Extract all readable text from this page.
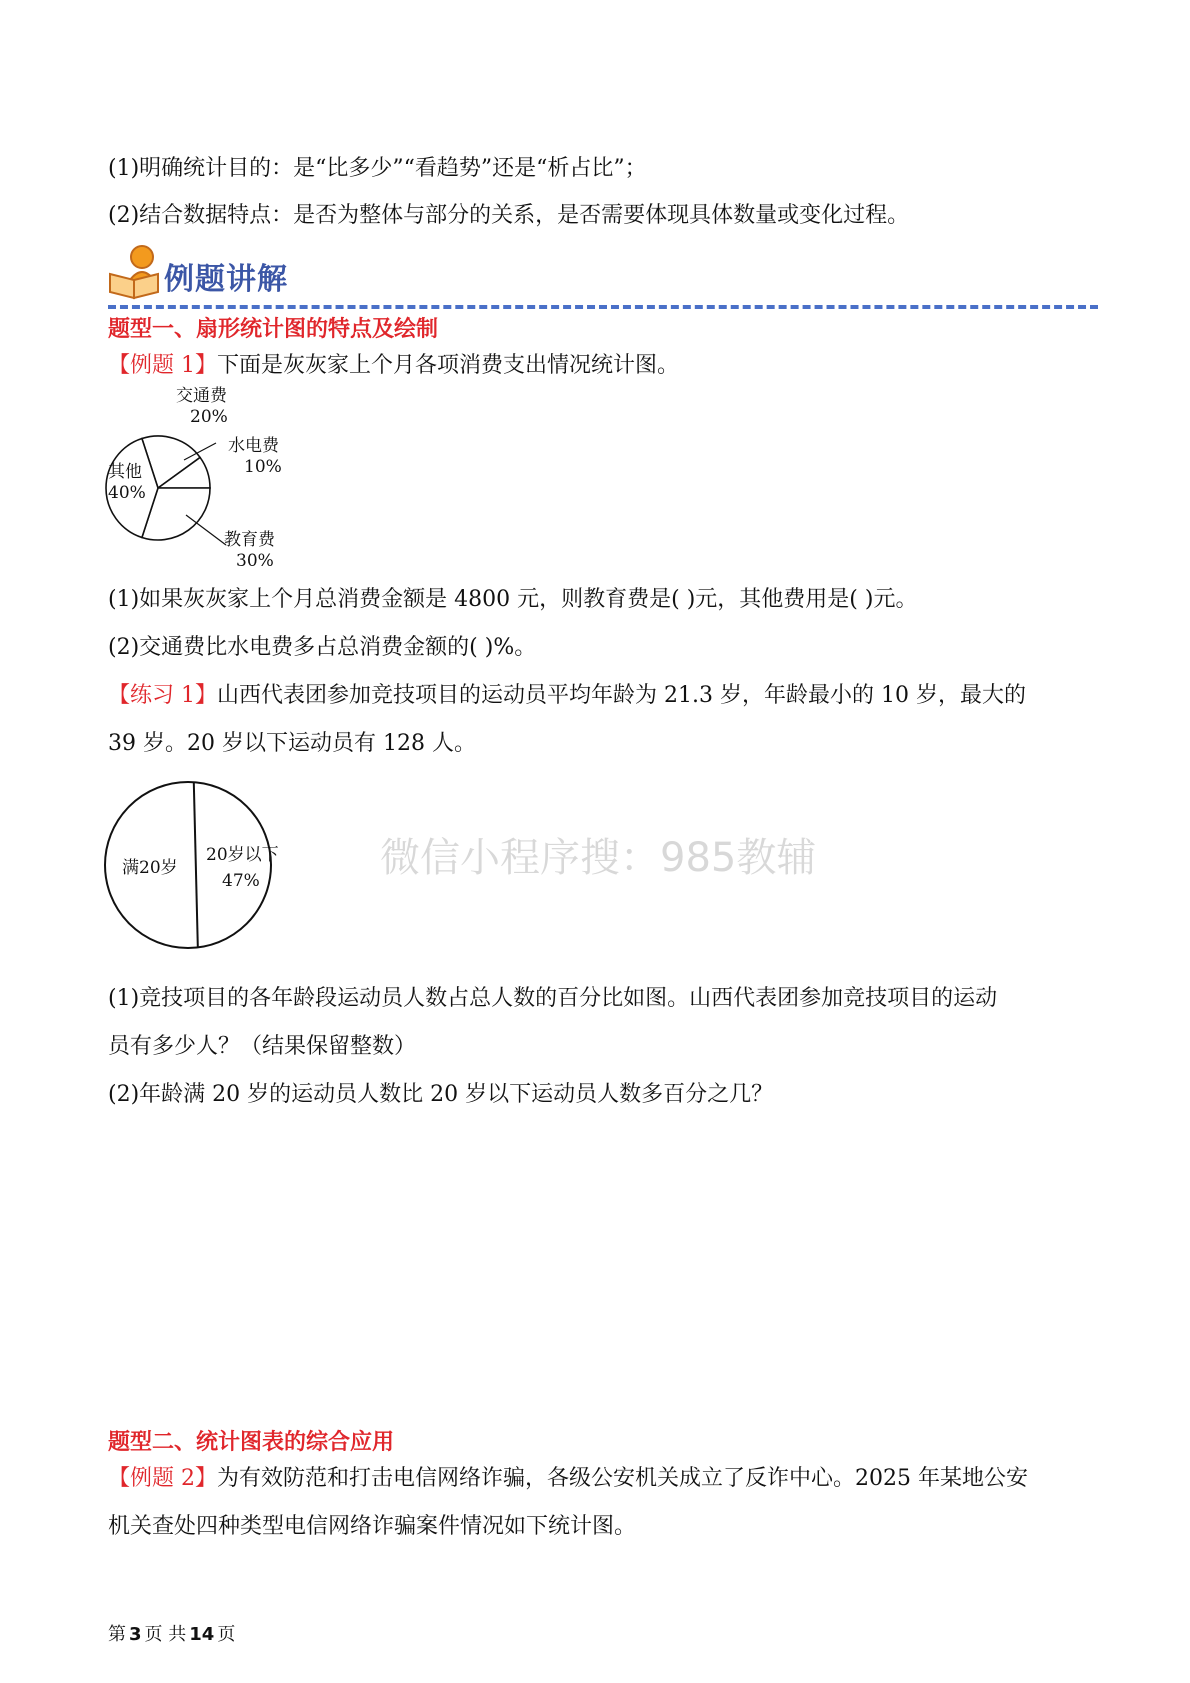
(1)明确统计目的：是“比多少”“看趋势”还是“析占比”；
(2)结合数据特点：是否为整体与部分的关系，是否需要体现具体数量或变化过程。
例题讲解
题型一、扇形统计图的特点及绘制
【例题 1】下面是灰灰家上个月各项消费支出情况统计图。
交通费
20%
水电费
10%
其他
40%
教育费
30%
(1)如果灰灰家上个月总消费金额是 4800 元，则教育费是( )元，其他费用是( )元。
(2)交通费比水电费多占总消费金额的( )%。
【练习 1】山西代表团参加竞技项目的运动员平均年龄为 21.3 岁，年龄最小的 10 岁，最大的
39 岁。20 岁以下运动员有 128 人。
满20岁
20岁以下
47%	微信小程序搜：985教辅
(1)竞技项目的各年龄段运动员人数占总人数的百分比如图。山西代表团参加竞技项目的运动
员有多少人？（结果保留整数）
(2)年龄满 20 岁的运动员人数比 20 岁以下运动员人数多百分之几？
题型二、统计图表的综合应用
【例题 2】为有效防范和打击电信网络诈骗，各级公安机关成立了反诈中心。2025 年某地公安
机关查处四种类型电信网络诈骗案件情况如下统计图。
第 3 页 共 14 页
